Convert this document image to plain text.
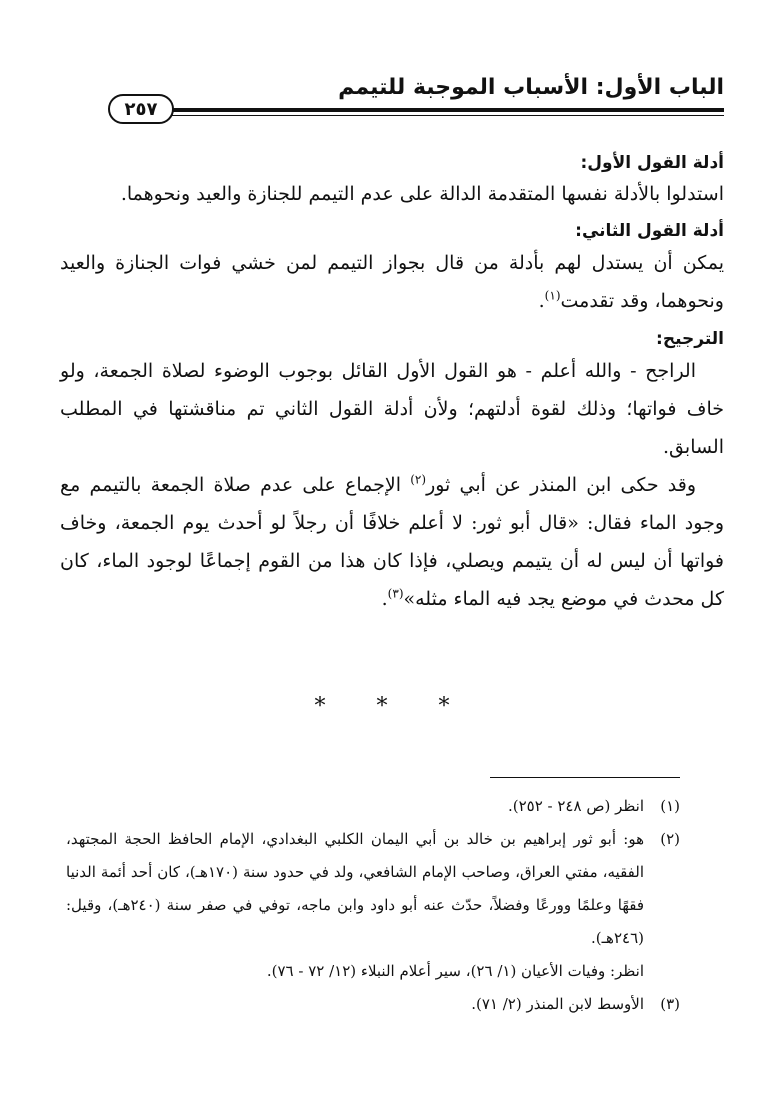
الباب الأول: الأسباب الموجبة للتيمم
٢٥٧

أدلة القول الأول:

استدلوا بالأدلة نفسها المتقدمة الدالة على عدم التيمم للجنازة والعيد ونحوهما.

أدلة القول الثاني:

يمكن أن يستدل لهم بأدلة من قال بجواز التيمم لمن خشي فوات الجنازة والعيد ونحوهما، وقد تقدمت$^{(١)}$.

الترجيح:

الراجح - والله أعلم - هو القول الأول القائل بوجوب الوضوء لصلاة الجمعة، ولو خاف فواتها؛ وذلك لقوة أدلتهم؛ ولأن أدلة القول الثاني تم مناقشتها في المطلب السابق.

وقد حكى ابن المنذر عن أبي ثور$^{(٢)}$ الإجماع على عدم صلاة الجمعة بالتيمم مع وجود الماء فقال: «قال أبو ثور: لا أعلم خلافًا أن رجلاً لو أحدث يوم الجمعة، وخاف فواتها أن ليس له أن يتيمم ويصلي، فإذا كان هذا من القوم إجماعًا لوجود الماء، كان كل محدث في موضع يجد فيه الماء مثله»$^{(٣)}$.

* * *
(١)
انظر (ص ٢٤٨ - ٢٥٢).
(٢)
هو: أبو ثور إبراهيم بن خالد بن أبي اليمان الكلبي البغدادي، الإمام الحافظ الحجة المجتهد، الفقيه، مفتي العراق، وصاحب الإمام الشافعي، ولد في حدود سنة (١٧٠هـ)، كان أحد أئمة الدنيا فقهًا وعلمًا وورعًا وفضلاً، حدّث عنه أبو داود وابن ماجه، توفي في صفر سنة (٢٤٠هـ)، وقيل: (٢٤٦هـ).

انظر: وفيات الأعيان (١/ ٢٦)، سير أعلام النبلاء (١٢/ ٧٢ - ٧٦).

(٣)
الأوسط لابن المنذر (٢/ ٧١).
